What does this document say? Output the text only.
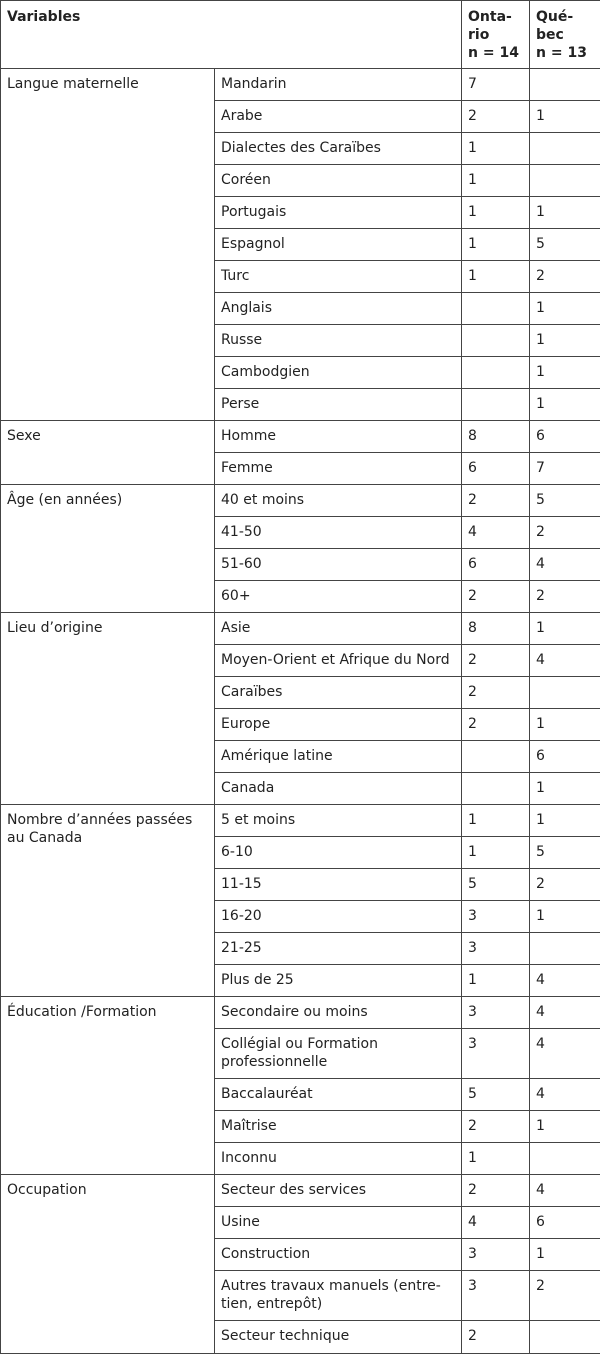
Variables		Onta-
rio
n = 14	Qué-
bec
n = 13
Langue maternelle	Mandarin	7	
	Arabe	2	1
	Dialectes des Caraïbes	1	
	Coréen	1	
	Portugais	1	1
	Espagnol	1	5
	Turc	1	2
	Anglais		1
	Russe		1
	Cambodgien		1
	Perse		1
Sexe	Homme	8	6
	Femme	6	7
Âge (en années)	40 et moins	2	5
	41-50	4	2
	51-60	6	4
	60+	2	2
Lieu d’origine	Asie	8	1
	Moyen-Orient et Afrique du Nord	2	4
	Caraïbes	2	
	Europe	2	1
	Amérique latine		6
	Canada		1
Nombre d’années passées au Canada	5 et moins	1	1
	6-10	1	5
	11-15	5	2
	16-20	3	1
	21-25	3	
	Plus de 25	1	4
Éducation /Formation	Secondaire ou moins	3	4
	Collégial ou Formation professionnelle	3	4
	Baccalauréat	5	4
	Maîtrise	2	1
	Inconnu	1	
Occupation	Secteur des services	2	4
	Usine	4	6
	Construction	3	1
	Autres travaux manuels (entre-tien, entrepôt)	3	2
	Secteur technique	2	
